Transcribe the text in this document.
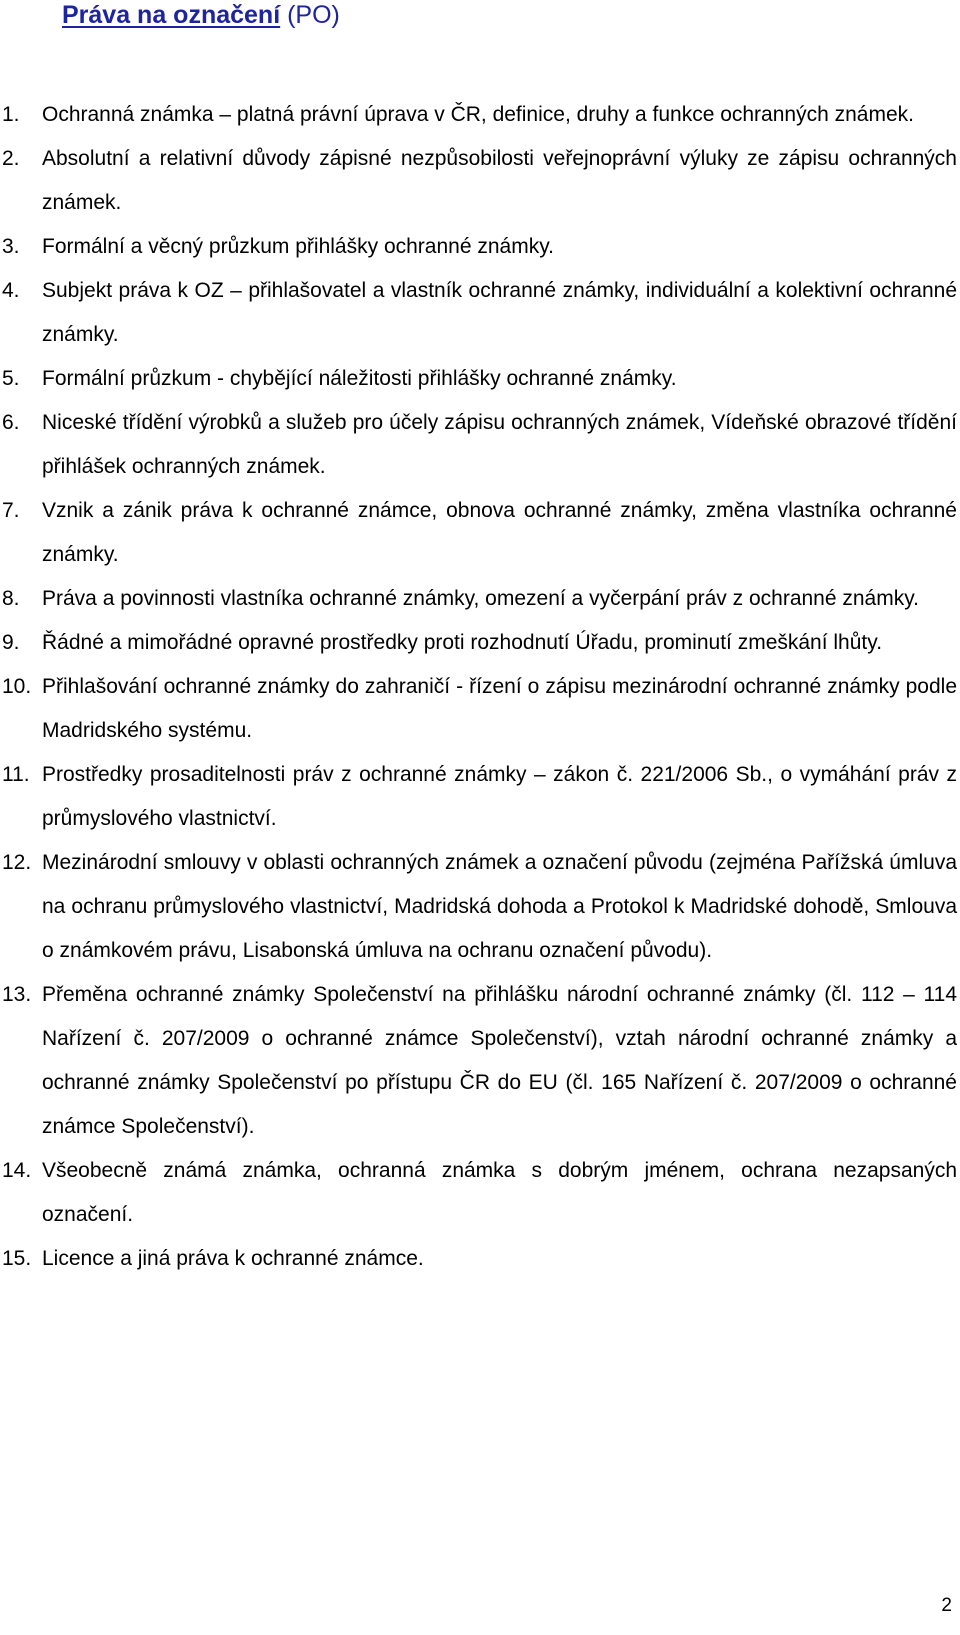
Práva na označení (PO)
1.	Ochranná známka – platná právní úprava v ČR, definice, druhy a funkce ochranných známek.
2.	Absolutní a relativní důvody zápisné nezpůsobilosti veřejnoprávní výluky ze zápisu ochranných známek.
3.	Formální a věcný průzkum přihlášky ochranné známky.
4.	Subjekt práva k OZ – přihlašovatel a vlastník ochranné známky, individuální a kolektivní ochranné známky.
5.	Formální průzkum - chybějící náležitosti přihlášky ochranné známky.
6.	Niceské třídění výrobků a služeb pro účely zápisu ochranných známek, Vídeňské obrazové třídění přihlášek ochranných známek.
7.	Vznik a zánik práva k ochranné známce, obnova ochranné známky, změna vlastníka ochranné známky.
8.	Práva a povinnosti vlastníka ochranné známky, omezení a vyčerpání práv z ochranné známky.
9.	Řádné a mimořádné opravné prostředky proti rozhodnutí Úřadu, prominutí zmeškání lhůty.
10. Přihlašování ochranné známky do zahraničí - řízení o zápisu mezinárodní ochranné známky podle Madridského systému.
11. Prostředky prosaditelnosti práv z ochranné známky – zákon č. 221/2006 Sb., o vymáhání práv z průmyslového vlastnictví.
12. Mezinárodní smlouvy v oblasti ochranných známek a označení původu (zejména Pařížská úmluva na ochranu průmyslového vlastnictví, Madridská dohoda a Protokol k Madridské dohodě, Smlouva o známkovém právu, Lisabonská úmluva na ochranu označení původu).
13. Přeměna ochranné známky Společenství na přihlášku národní ochranné známky (čl. 112 – 114 Nařízení č. 207/2009 o ochranné známce Společenství), vztah národní ochranné známky a ochranné známky Společenství po přístupu ČR do EU (čl. 165 Nařízení č. 207/2009 o ochranné známce Společenství).
14. Všeobecně známá známka, ochranná známka s dobrým jménem, ochrana nezapsaných označení.
15. Licence a jiná práva k ochranné známce.
2
